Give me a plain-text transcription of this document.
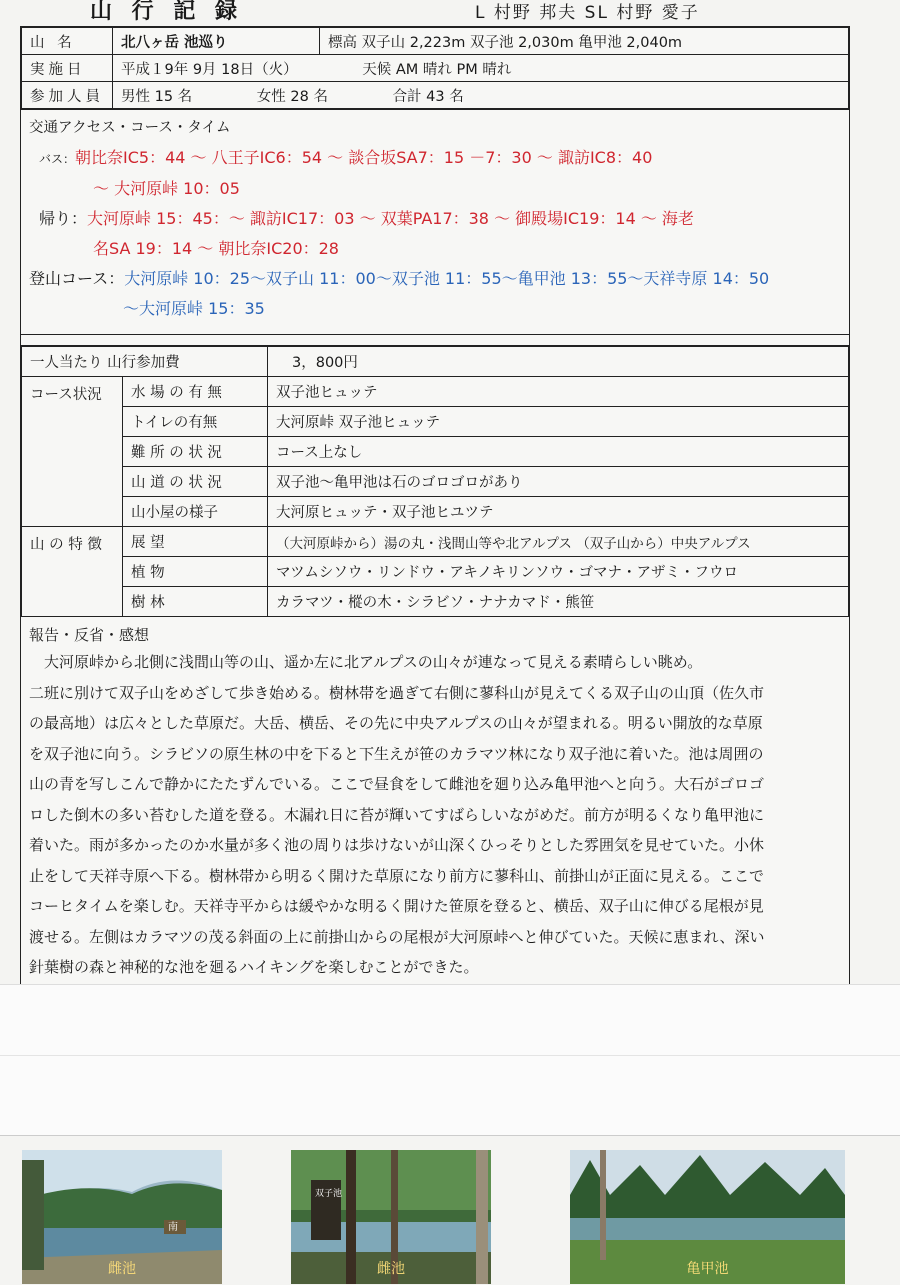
山 行 記 録	L 村野 邦夫 SL 村野 愛子
山 名	北八ヶ岳 池巡り	標高 双子山 2,223m 双子池 2,030m 亀甲池 2,040m
実施日	平成１9年 9月 18日（火） 天候 AM 晴れ PM 晴れ	
参加人員	男性 15 名 女性 28 名 合計 43 名	
交通アクセス・コース・タイム
バス：朝比奈IC5：44 ～ 八王子IC6：54 ～ 談合坂SA7：15 －7：30 ～ 諏訪IC8：40
～ 大河原峠 10：05
帰り：大河原峠 15：45：～ 諏訪IC17：03 ～ 双葉PA17：38 ～ 御殿場IC19：14 ～ 海老
名SA 19：14 ～ 朝比奈IC20：28
登山コース：大河原峠 10：25～双子山 11：00～双子池 11：55～亀甲池 13：55～天祥寺原 14：50
～大河原峠 15：35
一人当たり 山行参加費		3，800円
コース状況	水 場 の 有 無	双子池ヒュッテ
	トイレの有無	大河原峠 双子池ヒュッテ
	難 所 の 状 況	コース上なし
	山 道 の 状 況	双子池～亀甲池は石のゴロゴロがあり
	山小屋の様子	大河原ヒュッテ・双子池ヒユツテ
山 の 特 徴	展 望	（大河原峠から）湯の丸・浅間山等や北アルプス （双子山から）中央アルプス
	植 物	マツムシソウ・リンドウ・アキノキリンソウ・ゴマナ・アザミ・フウロ
	樹 林	カラマツ・樅の木・シラビソ・ナナカマド・熊笹
報告・反省・感想
　大河原峠から北側に浅間山等の山、遥か左に北アルプスの山々が連なって見える素晴らしい眺め。
二班に別けて双子山をめざして歩き始める。樹林帯を過ぎて右側に蓼科山が見えてくる双子山の山頂（佐久市
の最高地）は広々とした草原だ。大岳、横岳、その先に中央アルプスの山々が望まれる。明るい開放的な草原
を双子池に向う。シラビソの原生林の中を下ると下生えが笹のカラマツ林になり双子池に着いた。池は周囲の
山の青を写しこんで静かにたたずんでいる。ここで昼食をして雌池を廻り込み亀甲池へと向う。大石がゴロゴ
ロした倒木の多い苔むした道を登る。木漏れ日に苔が輝いてすばらしいながめだ。前方が明るくなり亀甲池に
着いた。雨が多かったのか水量が多く池の周りは歩けないが山深くひっそりとした雰囲気を見せていた。小休
止をして天祥寺原へ下る。樹林帯から明るく開けた草原になり前方に蓼科山、前掛山が正面に見える。ここで
コーヒタイムを楽しむ。天祥寺平からは緩やかな明るく開けた笹原を登ると、横岳、双子山に伸びる尾根が見
渡せる。左側はカラマツの茂る斜面の上に前掛山からの尾根が大河原峠へと伸びていた。天候に恵まれ、深い
針葉樹の森と神秘的な池を廻るハイキングを楽しむことができた。
南
雌池
双子池
雌池	亀甲池
